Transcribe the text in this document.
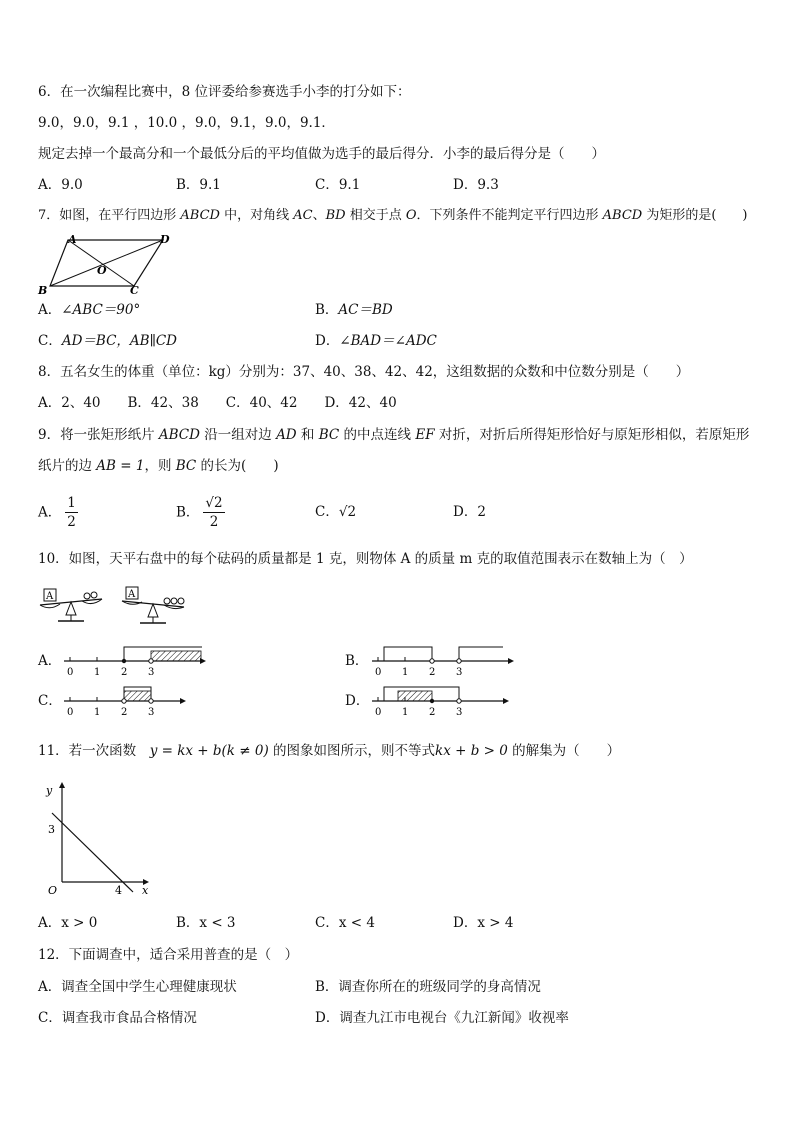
6．在一次编程比赛中，8 位评委给参赛选手小李的打分如下：
9.0，9.0，9.1 ，10.0 ，9.0，9.1，9.0，9.1．
规定去掉一个最高分和一个最低分后的平均值做为选手的最后得分．小李的最后得分是（　　）
A．9.0	B．9.1	C．9.1	D．9.3
7．如图，在平行四边形 ABCD 中，对角线 AC、BD 相交于点 O．下列条件不能判定平行四边形 ABCD 为矩形的是(　　)
A	D
O
B	C
A．∠ABC＝90°	B．AC＝BD
C．AD＝BC，AB∥CD	D．∠BAD＝∠ADC
8．五名女生的体重（单位：kg）分别为：37、40、38、42、42，这组数据的众数和中位数分别是（　　）
A．2、40　　B．42、38　　C．40、42　　D．42、40
9．将一张矩形纸片 ABCD 沿一组对边 AD 和 BC 的中点连线 EF 对折，对折后所得矩形恰好与原矩形相似，若原矩形
纸片的边 AB = 1，则 BC 的长为(　　)
A． $\frac{1}{2}$	B． $\frac{√2}{2}$	C．√2	D．2
10．如图，天平右盘中的每个砝码的质量都是 1 克，则物体 A 的质量 m 克的取值范围表示在数轴上为（　）
A	A
A．
0 1 2 3
B．
0 1 2 3
C．
0 1 2 3
D．
0 1 2 3
11．若一次函数　y = kx + b(k ≠ 0) 的图象如图所示，则不等式kx + b > 0 的解集为（　　）
y
x
O
3
4
A．x > 0	B．x < 3	C．x < 4	D．x > 4
12．下面调查中，适合采用普查的是（　）
A．调查全国中学生心理健康现状	B．调查你所在的班级同学的身高情况
C．调查我市食品合格情况	D．调查九江市电视台《九江新闻》收视率
